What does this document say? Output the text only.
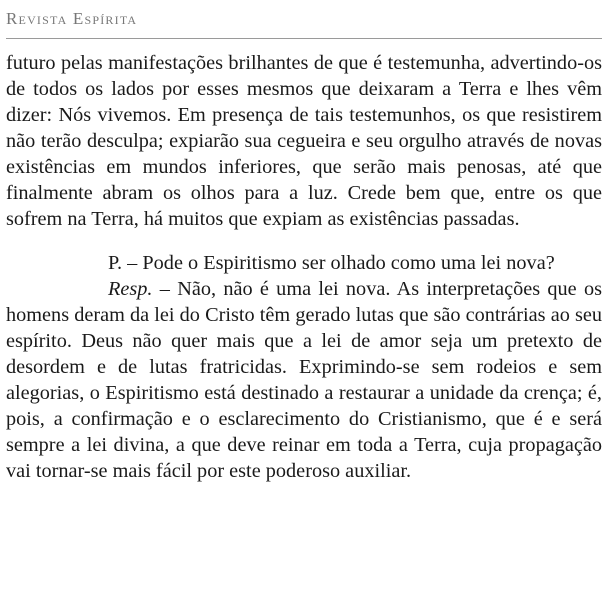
Revista Espírita

futuro pelas manifestações brilhantes de que é testemunha, advertindo-os de todos os lados por esses mesmos que deixaram a Terra e lhes vêm dizer: Nós vivemos. Em presença de tais testemunhos, os que resistirem não terão desculpa; expiarão sua cegueira e seu orgulho através de novas existências em mundos inferiores, que serão mais penosas, até que finalmente abram os olhos para a luz. Crede bem que, entre os que sofrem na Terra, há muitos que expiam as existências passadas.

P. – Pode o Espiritismo ser olhado como uma lei nova?

Resp. – Não, não é uma lei nova. As interpretações que os homens deram da lei do Cristo têm gerado lutas que são contrárias ao seu espírito. Deus não quer mais que a lei de amor seja um pretexto de desordem e de lutas fratricidas. Exprimindo-se sem rodeios e sem alegorias, o Espiritismo está destinado a restaurar a unidade da crença; é, pois, a confirmação e o esclarecimento do Cristianismo, que é e será sempre a lei divina, a que deve reinar em toda a Terra, cuja propagação vai tornar-se mais fácil por este poderoso auxiliar.
